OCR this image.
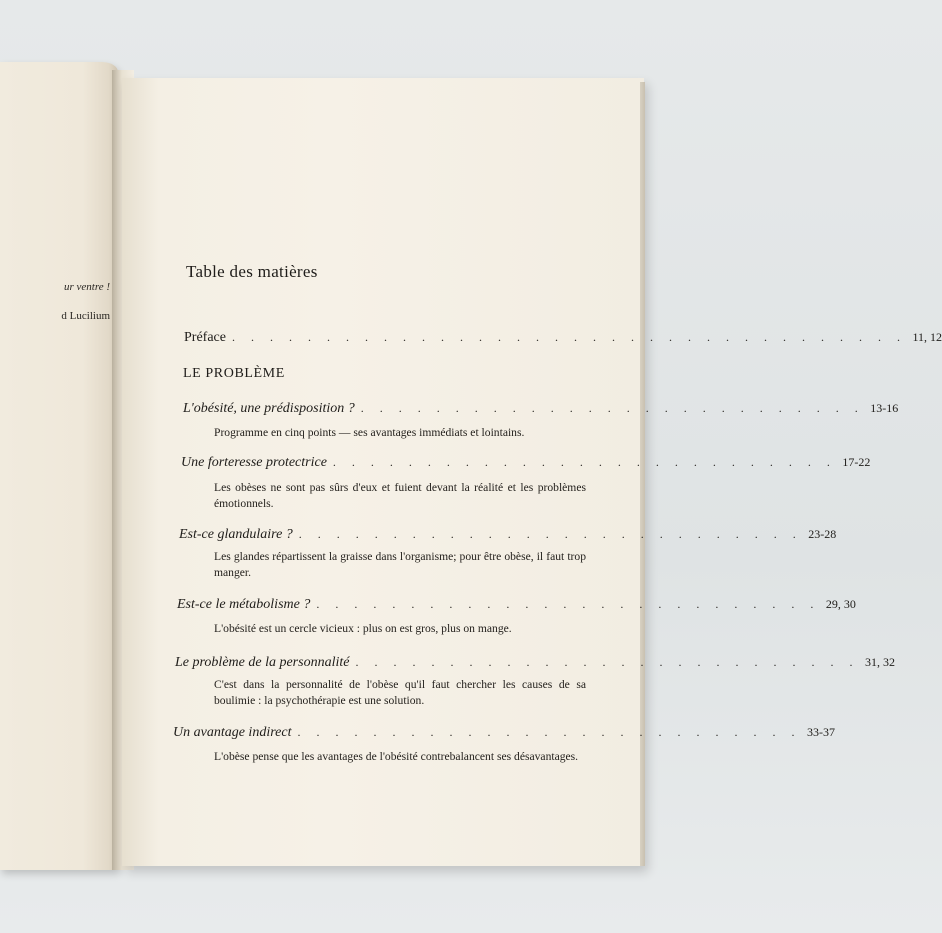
ur ventre !
d Lucilium
Table des matières
Préface . . . . . . . . . . . . . . . . . . . . . . . . . . . . . . . . . . . . 11, 12
LE PROBLÈME
L'obésité, une prédisposition ? . . . . . . . . . . . . . . . . . . . . . . . . . . . 13-16
Programme en cinq points — ses avantages immédiats et lointains.
Une forteresse protectrice . . . . . . . . . . . . . . . . . . . . . . . . . . . 17-22
Les obèses ne sont pas sûrs d'eux et fuient devant la réalité et les problèmes émotionnels.
Est-ce glandulaire ? . . . . . . . . . . . . . . . . . . . . . . . . . . . 23-28
Les glandes répartissent la graisse dans l'organisme; pour être obèse, il faut trop manger.
Est-ce le métabolisme ? . . . . . . . . . . . . . . . . . . . . . . . . . . . 29, 30
L'obésité est un cercle vicieux : plus on est gros, plus on mange.
Le problème de la personnalité . . . . . . . . . . . . . . . . . . . . . . . . . . . 31, 32
C'est dans la personnalité de l'obèse qu'il faut chercher les causes de sa boulimie : la psychothérapie est une solution.
Un avantage indirect . . . . . . . . . . . . . . . . . . . . . . . . . . . 33-37
L'obèse pense que les avantages de l'obésité contrebalancent ses désavantages.
